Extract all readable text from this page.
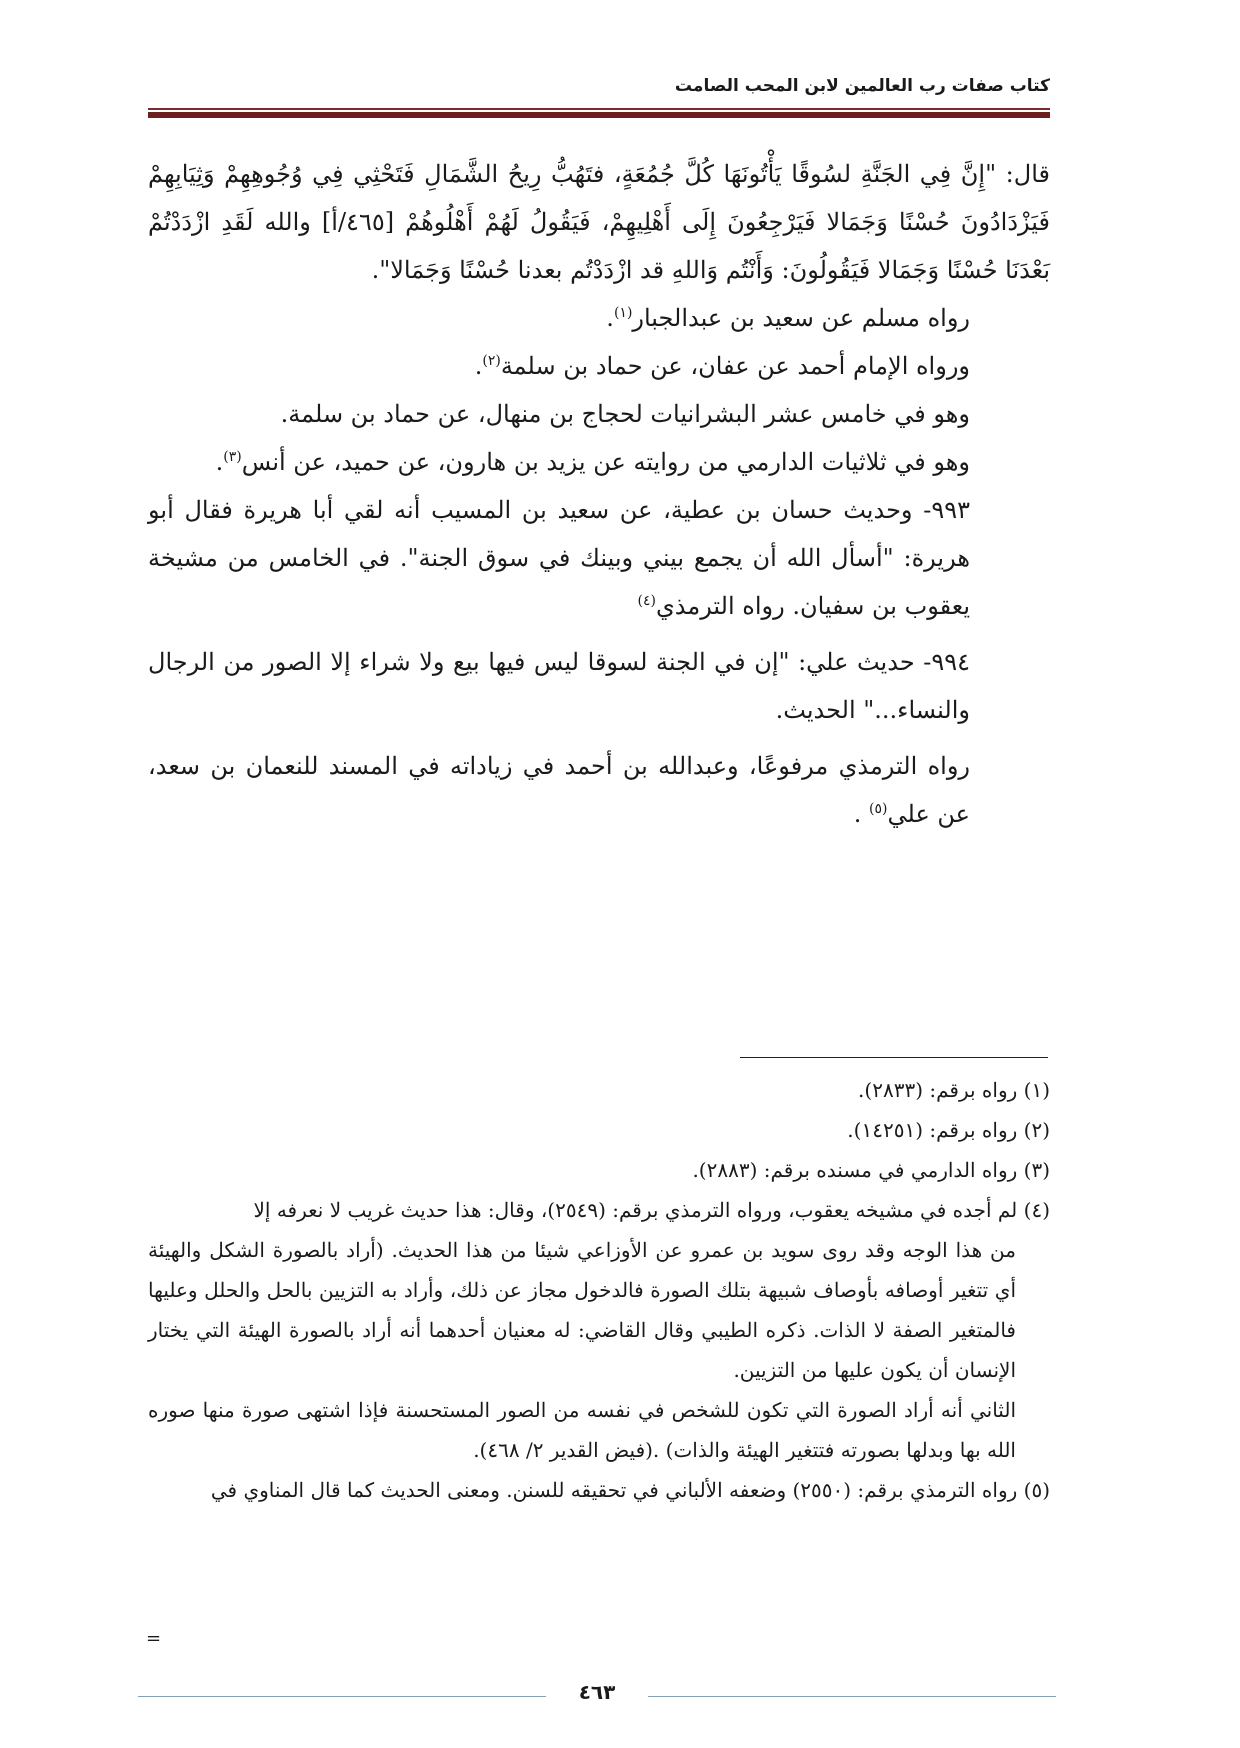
كتاب صفات رب العالمين لابن المحب الصامت

قال: "إِنَّ فِي الجَنَّةِ لسُوقًا يَأْتُونَهَا كُلَّ جُمُعَةٍ، فتَهُبُّ رِيحُ الشَّمَالِ فَتَحْثِي فِي وُجُوهِهِمْ وَثِيَابِهِمْ فَيَزْدَادُونَ حُسْنًا وَجَمَالا فَيَرْجِعُونَ إِلَى أَهْلِيهِمْ، فَيَقُولُ لَهُمْ أَهْلُوهُمْ [٤٦٥/أ] والله لَقَدِ ازْدَدْتُمْ بَعْدَنَا حُسْنًا وَجَمَالا فَيَقُولُونَ: وَأَنْتُم وَاللهِ قد ازْدَدْتُم بعدنا حُسْنًا وَجَمَالا".

رواه مسلم عن سعيد بن عبدالجبار$^{(١)}$.

ورواه الإمام أحمد عن عفان، عن حماد بن سلمة$^{(٢)}$.

وهو في خامس عشر البشرانيات لحجاج بن منهال، عن حماد بن سلمة.

وهو في ثلاثيات الدارمي من روايته عن يزيد بن هارون، عن حميد، عن أنس$^{(٣)}$.

٩٩٣- وحديث حسان بن عطية، عن سعيد بن المسيب أنه لقي أبا هريرة فقال أبو هريرة: "أسأل الله أن يجمع بيني وبينك في سوق الجنة". في الخامس من مشيخة يعقوب بن سفيان. رواه الترمذي$^{(٤)}$

٩٩٤- حديث علي: "إن في الجنة لسوقا ليس فيها بيع ولا شراء إلا الصور من الرجال والنساء..." الحديث.

رواه الترمذي مرفوعًا، وعبدالله بن أحمد في زياداته في المسند للنعمان بن سعد، عن علي$^{(٥)}$ .

(١) رواه برقم: (٢٨٣٣).

(٢) رواه برقم: (١٤٢٥١).

(٣) رواه الدارمي في مسنده برقم: (٢٨٨٣).

(٤) لم أجده في مشيخه يعقوب، ورواه الترمذي برقم: (٢٥٤٩)، وقال: هذا حديث غريب لا نعرفه إلا

من هذا الوجه وقد روى سويد بن عمرو عن الأوزاعي شيئا من هذا الحديث. (أراد بالصورة الشكل والهيئة أي تتغير أوصافه بأوصاف شبيهة بتلك الصورة فالدخول مجاز عن ذلك، وأراد به التزيين بالحل والحلل وعليها فالمتغير الصفة لا الذات. ذكره الطيبي وقال القاضي: له معنيان أحدهما أنه أراد بالصورة الهيئة التي يختار الإنسان أن يكون عليها من التزيين.

الثاني أنه أراد الصورة التي تكون للشخص في نفسه من الصور المستحسنة فإذا اشتهى صورة منها صوره الله بها وبدلها بصورته فتتغير الهيئة والذات) .(فيض القدير ٢/ ٤٦٨).

(٥) رواه الترمذي برقم: (٢٥٥٠) وضعفه الألباني في تحقيقه للسنن. ومعنى الحديث كما قال المناوي في

=
٤٦٣
